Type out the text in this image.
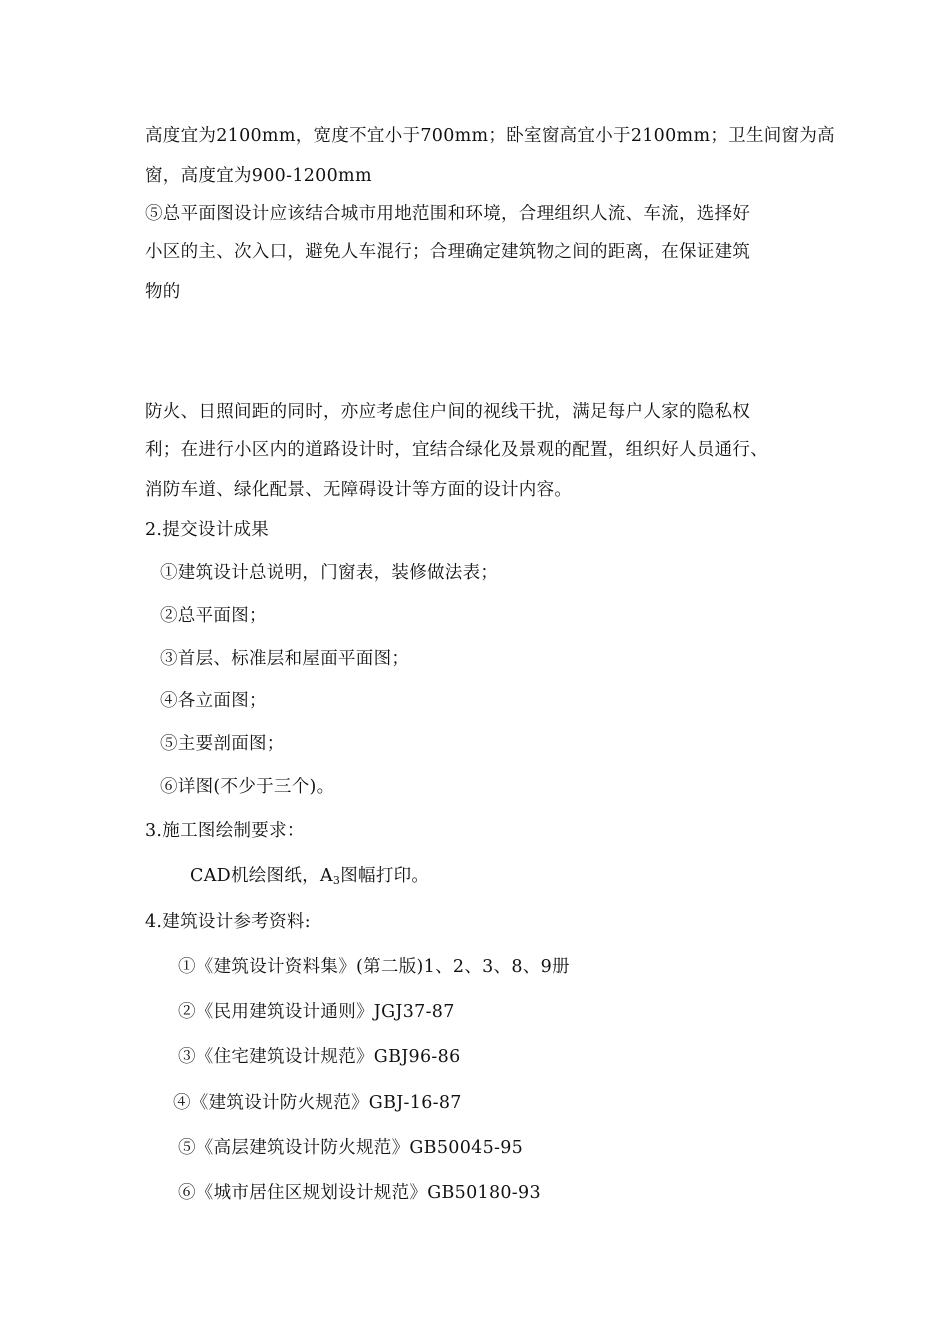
高度宜为2100mm，宽度不宜小于700mm；卧室窗高宜小于2100mm；卫生间窗为高
窗，高度宜为900-1200mm
⑤总平面图设计应该结合城市用地范围和环境，合理组织人流、车流，选择好
小区的主、次入口，避免人车混行；合理确定建筑物之间的距离，在保证建筑
物的
防火、日照间距的同时，亦应考虑住户间的视线干扰，满足每户人家的隐私权
利；在进行小区内的道路设计时，宜结合绿化及景观的配置，组织好人员通行、
消防车道、绿化配景、无障碍设计等方面的设计内容。
2.提交设计成果
①建筑设计总说明，门窗表，装修做法表；
②总平面图；
③首层、标准层和屋面平面图；
④各立面图；
⑤主要剖面图；
⑥详图(不少于三个)。
3.施工图绘制要求：
CAD机绘图纸，$A_3$图幅打印。
4.建筑设计参考资料:
①《建筑设计资料集》(第二版)1、2、3、8、9册
②《民用建筑设计通则》JGJ37-87
③《住宅建筑设计规范》GBJ96-86
④《建筑设计防火规范》GBJ-16-87
⑤《高层建筑设计防火规范》GB50045-95
⑥《城市居住区规划设计规范》GB50180-93
